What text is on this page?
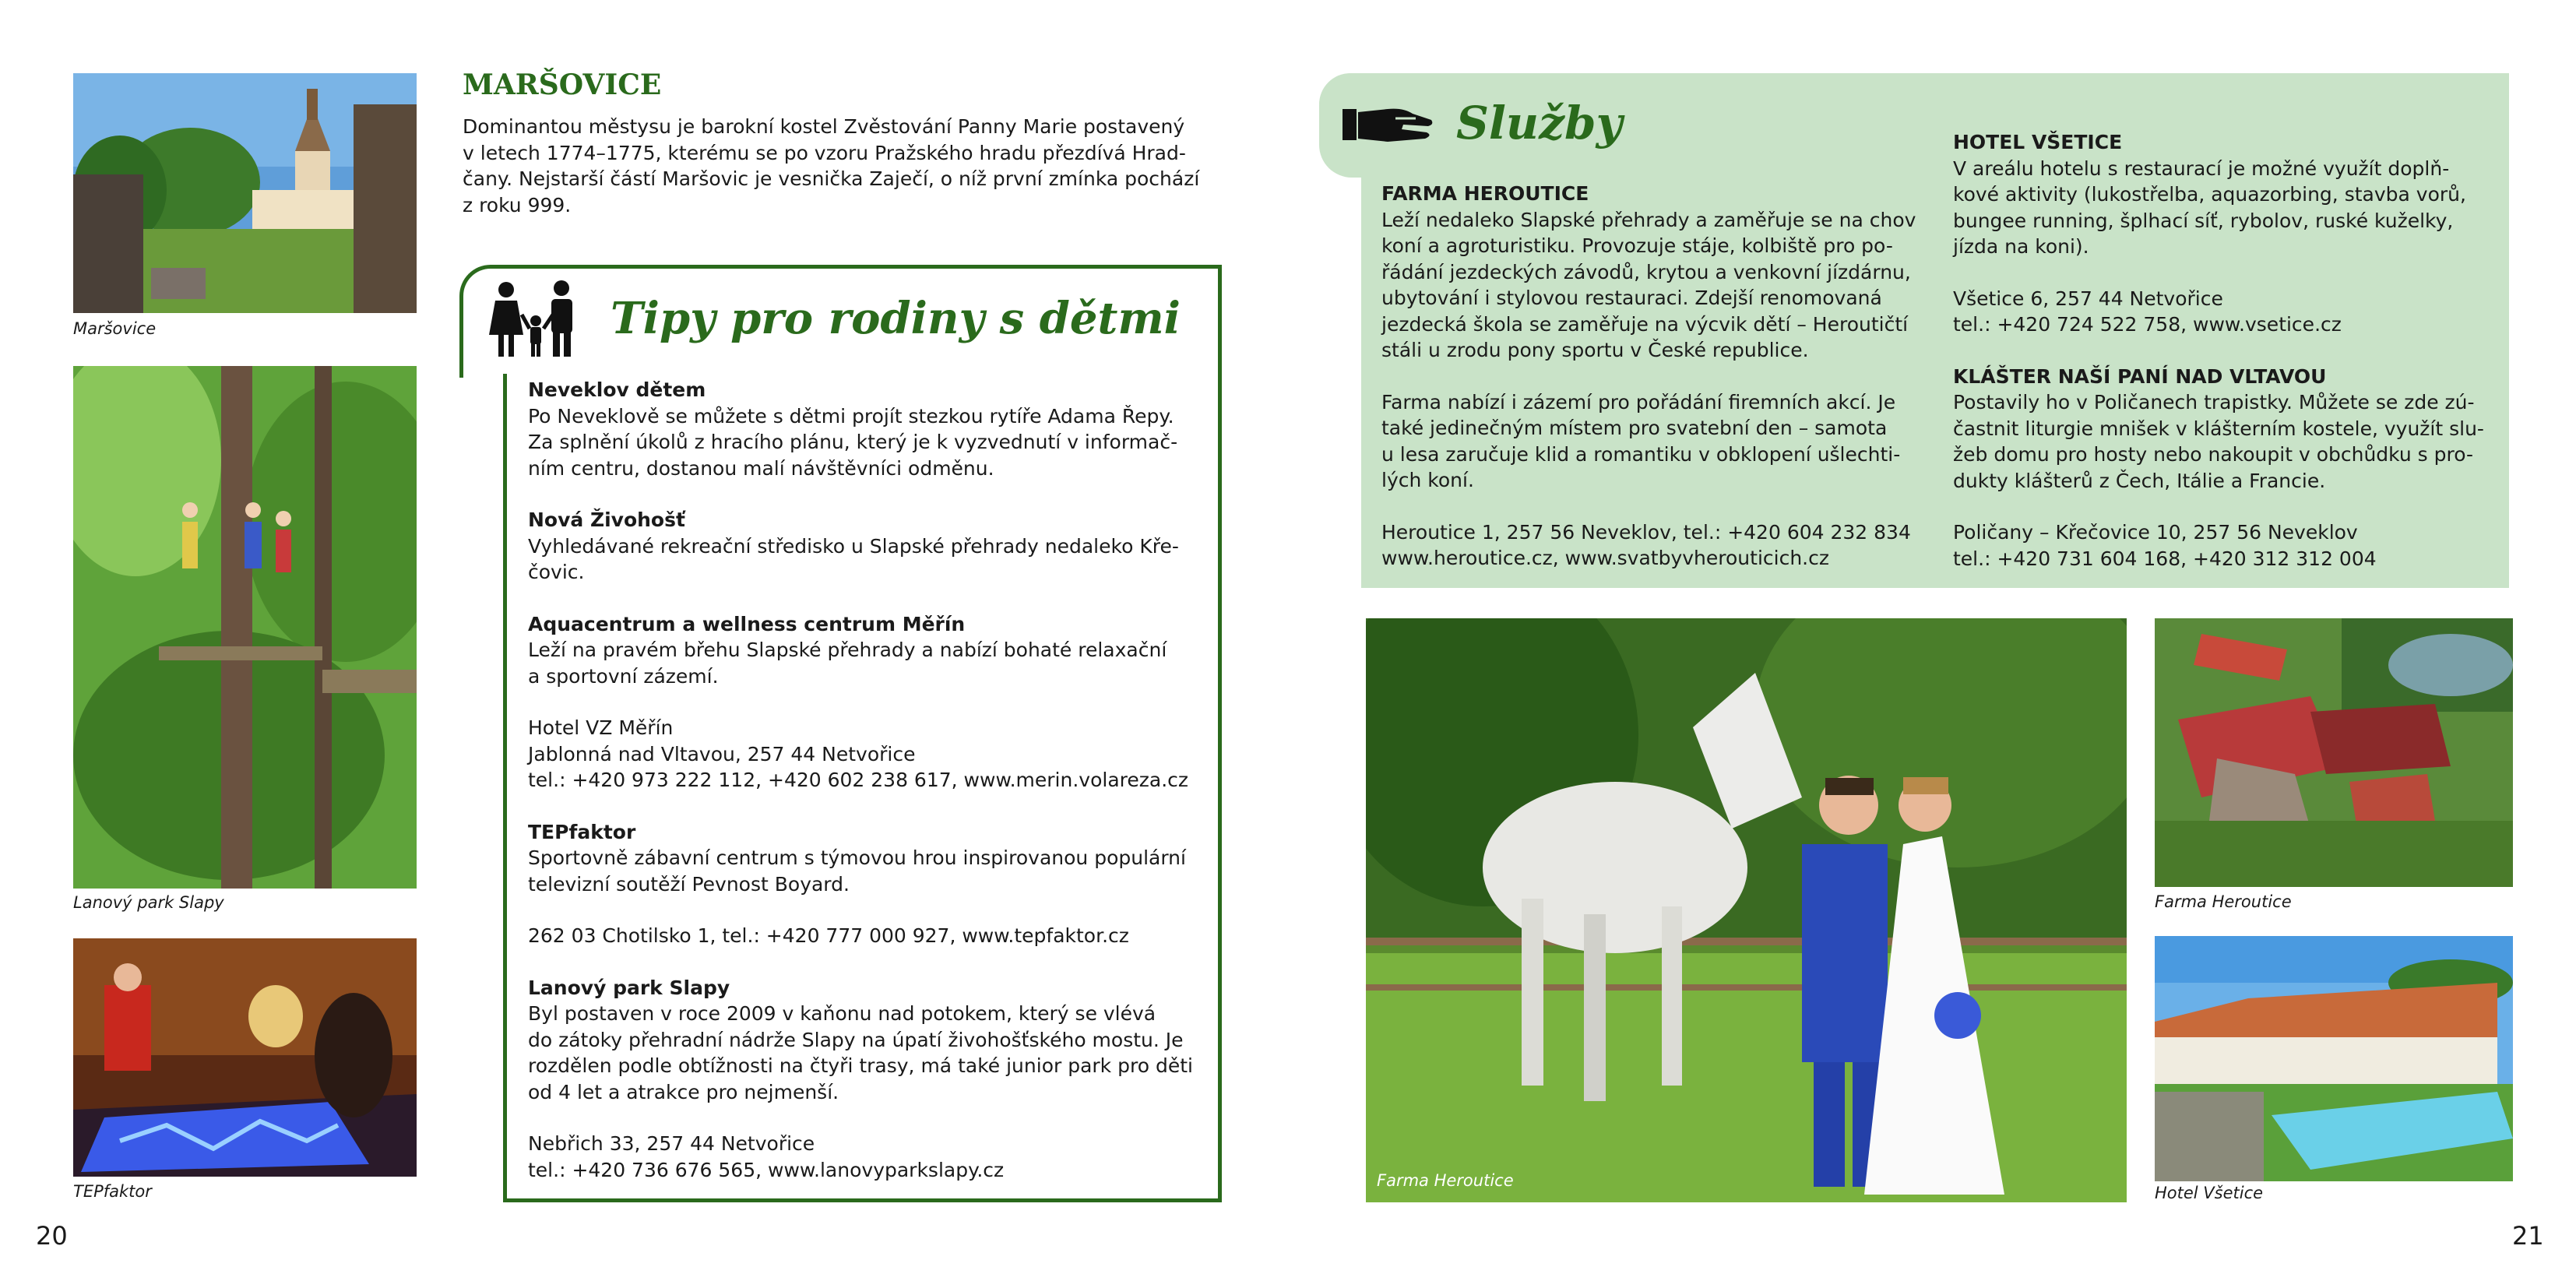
Maršovice
Lanový park Slapy
TEPfaktor
MARŠOVICE
Dominantou městysu je barokní kostel Zvěstování Panny Marie postavený
v letech 1774–1775, kterému se po vzoru Pražského hradu přezdívá Hrad-
čany. Nejstarší částí Maršovic je vesnička Zaječí, o níž první zmínka pochází
z roku 999.
Tipy pro rodiny s dětmi
Neveklov dětem

Po Neveklově se můžete s dětmi projít stezkou rytíře Adama Řepy.

Za splnění úkolů z hracího plánu, který je k vyzvednutí v informač-

ním centru, dostanou malí návštěvníci odměnu.

Nová Živohošť

Vyhledávané rekreační středisko u Slapské přehrady nedaleko Kře-

čovic.

Aquacentrum a wellness centrum Měřín

Leží na pravém břehu Slapské přehrady a nabízí bohaté relaxační

a sportovní zázemí.

Hotel VZ Měřín

Jablonná nad Vltavou, 257 44 Netvořice

tel.: +420 973 222 112, +420 602 238 617, www.merin.volareza.cz

TEPfaktor

Sportovně zábavní centrum s týmovou hrou inspirovanou populární

televizní soutěží Pevnost Boyard.

262 03 Chotilsko 1, tel.: +420 777 000 927, www.tepfaktor.cz

Lanový park Slapy

Byl postaven v roce 2009 v kaňonu nad potokem, který se vlévá

do zátoky přehradní nádrže Slapy na úpatí živohošťského mostu. Je

rozdělen podle obtížnosti na čtyři trasy, má také junior park pro děti

od 4 let a atrakce pro nejmenší.

Nebřich 33, 257 44 Netvořice

tel.: +420 736 676 565, www.lanovyparkslapy.cz

20
Služby
FARMA HEROUTICE

Leží nedaleko Slapské přehrady a zaměřuje se na chov

koní a agroturistiku. Provozuje stáje, kolbiště pro po-

řádání jezdeckých závodů, krytou a venkovní jízdárnu,

ubytování i stylovou restauraci. Zdejší renomovaná

jezdecká škola se zaměřuje na výcvik dětí – Heroutičtí

stáli u zrodu pony sportu v České republice.

Farma nabízí i zázemí pro pořádání firemních akcí. Je

také jedinečným místem pro svatební den – samota

u lesa zaručuje klid a romantiku v obklopení ušlechti-

lých koní.

Heroutice 1, 257 56 Neveklov, tel.: +420 604 232 834

www.heroutice.cz, www.svatbyvherouticich.cz

HOTEL VŠETICE

V areálu hotelu s restaurací je možné využít doplň-

kové aktivity (lukostřelba, aquazorbing, stavba vorů,

bungee running, šplhací síť, rybolov, ruské kuželky,

jízda na koni).

Všetice 6, 257 44 Netvořice

tel.: +420 724 522 758, www.vsetice.cz

KLÁŠTER NAŠÍ PANÍ NAD VLTAVOU

Postavily ho v Poličanech trapistky. Můžete se zde zú-

častnit liturgie mnišek v klášterním kostele, využít slu-

žeb domu pro hosty nebo nakoupit v obchůdku s pro-

dukty klášterů z Čech, Itálie a Francie.

Poličany – Křečovice 10, 257 56 Neveklov

tel.: +420 731 604 168, +420 312 312 004

Farma Heroutice
Farma Heroutice
Hotel Všetice
21
